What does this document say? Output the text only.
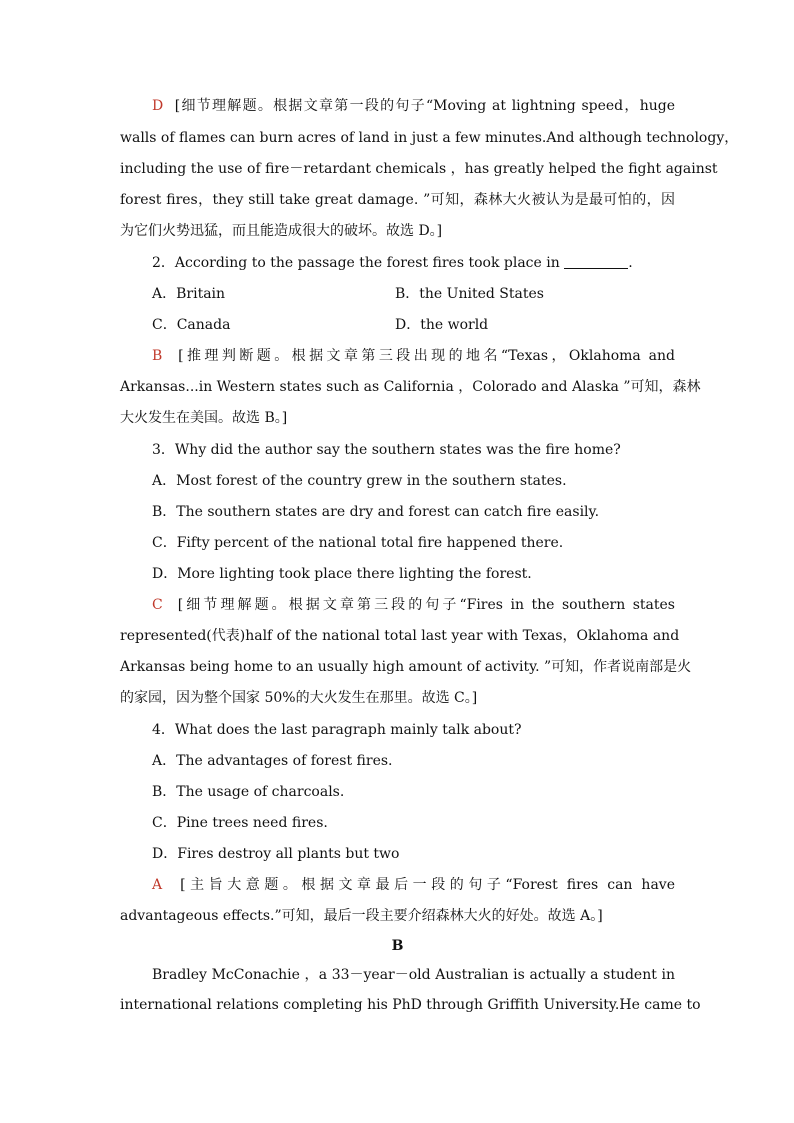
D [细节理解题。根据文章第一段的句子“Moving at lightning speed，huge
walls of flames can burn acres of land in just a few minutes.And although technology，
including the use of fire－retardant chemicals ，has greatly helped the fight against
forest fires，they still take great damage. ”可知，森林大火被认为是最可怕的，因
为它们火势迅猛，而且能造成很大的破坏。故选 D。]
2．According to the passage the forest fires took place in	.
A．Britain	B．the United States
C．Canada	D．the world
B [推理判断题。根据文章第三段出现的地名“Texas，Oklahoma and
Arkansas...in Western states such as California ，Colorado and Alaska ”可知，森林
大火发生在美国。故选 B。]
3．Why did the author say the southern states was the fire home?
A．Most forest of the country grew in the southern states.
B．The southern states are dry and forest can catch fire easily.
C．Fifty percent of the national total fire happened there.
D．More lighting took place there lighting the forest.
C [细节理解题。根据文章第三段的句子“Fires in the southern states
represented(代表)half of the national total last year with Texas，Oklahoma and
Arkansas being home to an usually high amount of activity. ”可知，作者说南部是火
的家园，因为整个国家 50%的大火发生在那里。故选 C。]
4．What does the last paragraph mainly talk about?
A．The advantages of forest fires.
B．The usage of charcoals.
C．Pine trees need fires.
D．Fires destroy all plants but two
A [主旨大意题。根据文章最后一段的句子“Forest fires can have
advantageous effects.”可知，最后一段主要介绍森林大火的好处。故选 A。]
B
Bradley McConachie ，a 33－year－old Australian is actually a student in
international relations completing his PhD through Griffith University.He came to
